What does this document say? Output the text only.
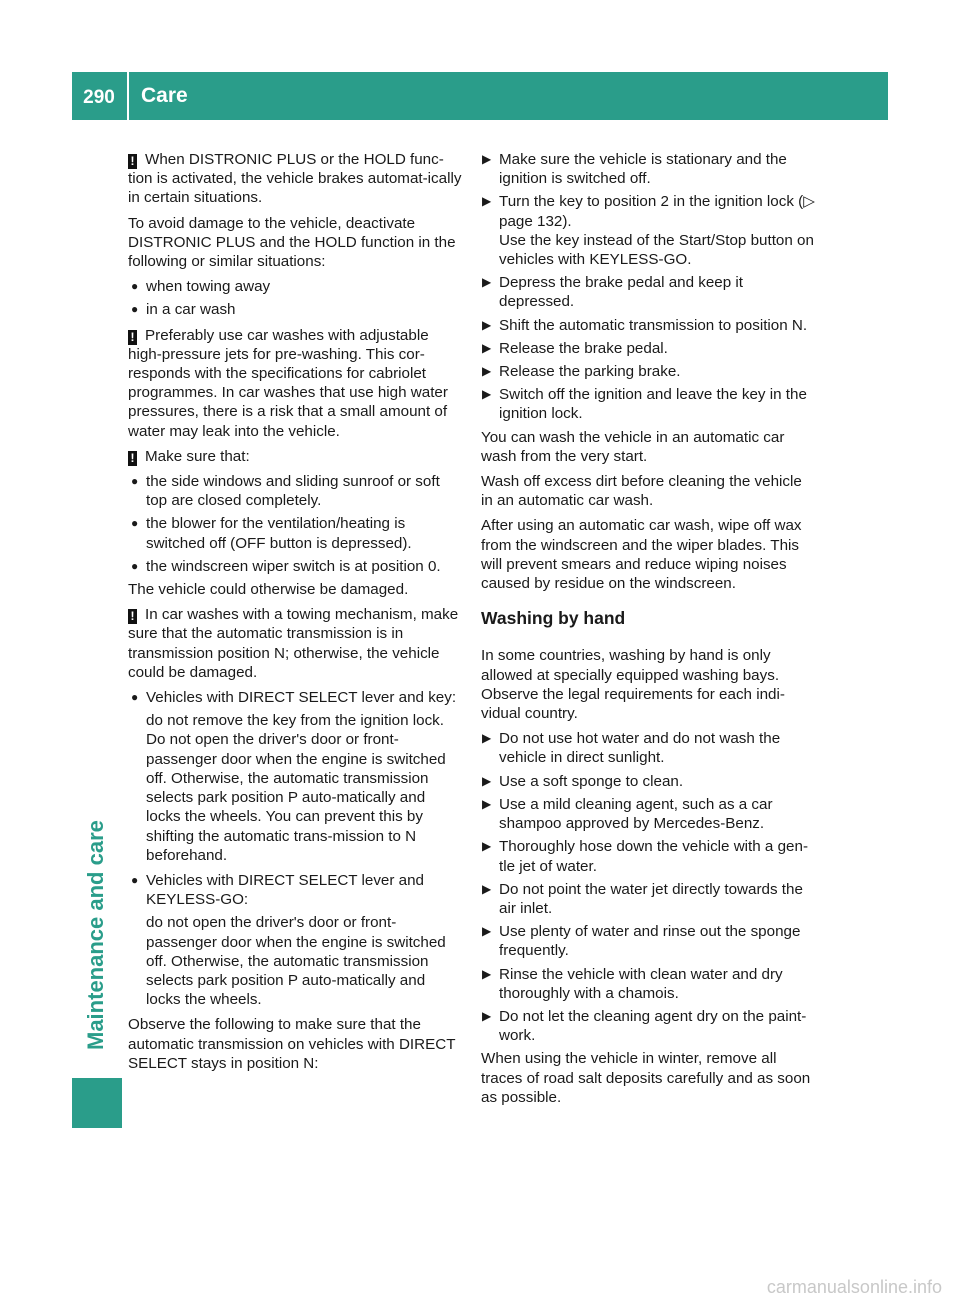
290	Care
Maintenance and care
! When DISTRONIC PLUS or the HOLD func-tion is activated, the vehicle brakes automat-ically in certain situations.
To avoid damage to the vehicle, deactivate DISTRONIC PLUS and the HOLD function in the following or similar situations:
● when towing away
● in a car wash
! Preferably use car washes with adjustable high-pressure jets for pre-washing. This cor-responds with the specifications for cabriolet programmes. In car washes that use high water pressures, there is a risk that a small amount of water may leak into the vehicle.
! Make sure that:
● the side windows and sliding sunroof or soft top are closed completely.
● the blower for the ventilation/heating is switched off (OFF button is depressed).
● the windscreen wiper switch is at position 0.
The vehicle could otherwise be damaged.
! In car washes with a towing mechanism, make sure that the automatic transmission is in transmission position N; otherwise, the vehicle could be damaged.
● Vehicles with DIRECT SELECT lever and key:
do not remove the key from the ignition lock. Do not open the driver's door or front-passenger door when the engine is switched off. Otherwise, the automatic transmission selects park position P auto-matically and locks the wheels. You can prevent this by shifting the automatic trans-mission to N beforehand.
● Vehicles with DIRECT SELECT lever and KEYLESS-GO:
do not open the driver's door or front-passenger door when the engine is switched off. Otherwise, the automatic transmission selects park position P auto-matically and locks the wheels.
Observe the following to make sure that the automatic transmission on vehicles with DIRECT SELECT stays in position N:
▶ Make sure the vehicle is stationary and the ignition is switched off.
▶ Turn the key to position 2 in the ignition lock (▷ page 132).
Use the key instead of the Start/Stop button on vehicles with KEYLESS-GO.
▶ Depress the brake pedal and keep it depressed.
▶ Shift the automatic transmission to position N.
▶ Release the brake pedal.
▶ Release the parking brake.
▶ Switch off the ignition and leave the key in the ignition lock.
You can wash the vehicle in an automatic car wash from the very start.
Wash off excess dirt before cleaning the vehicle in an automatic car wash.
After using an automatic car wash, wipe off wax from the windscreen and the wiper blades. This will prevent smears and reduce wiping noises caused by residue on the windscreen.
Washing by hand
In some countries, washing by hand is only allowed at specially equipped washing bays. Observe the legal requirements for each indi-vidual country.
▶ Do not use hot water and do not wash the vehicle in direct sunlight.
▶ Use a soft sponge to clean.
▶ Use a mild cleaning agent, such as a car shampoo approved by Mercedes-Benz.
▶ Thoroughly hose down the vehicle with a gen-tle jet of water.
▶ Do not point the water jet directly towards the air inlet.
▶ Use plenty of water and rinse out the sponge frequently.
▶ Rinse the vehicle with clean water and dry thoroughly with a chamois.
▶ Do not let the cleaning agent dry on the paint-work.
When using the vehicle in winter, remove all traces of road salt deposits carefully and as soon as possible.
carmanualsonline.info
